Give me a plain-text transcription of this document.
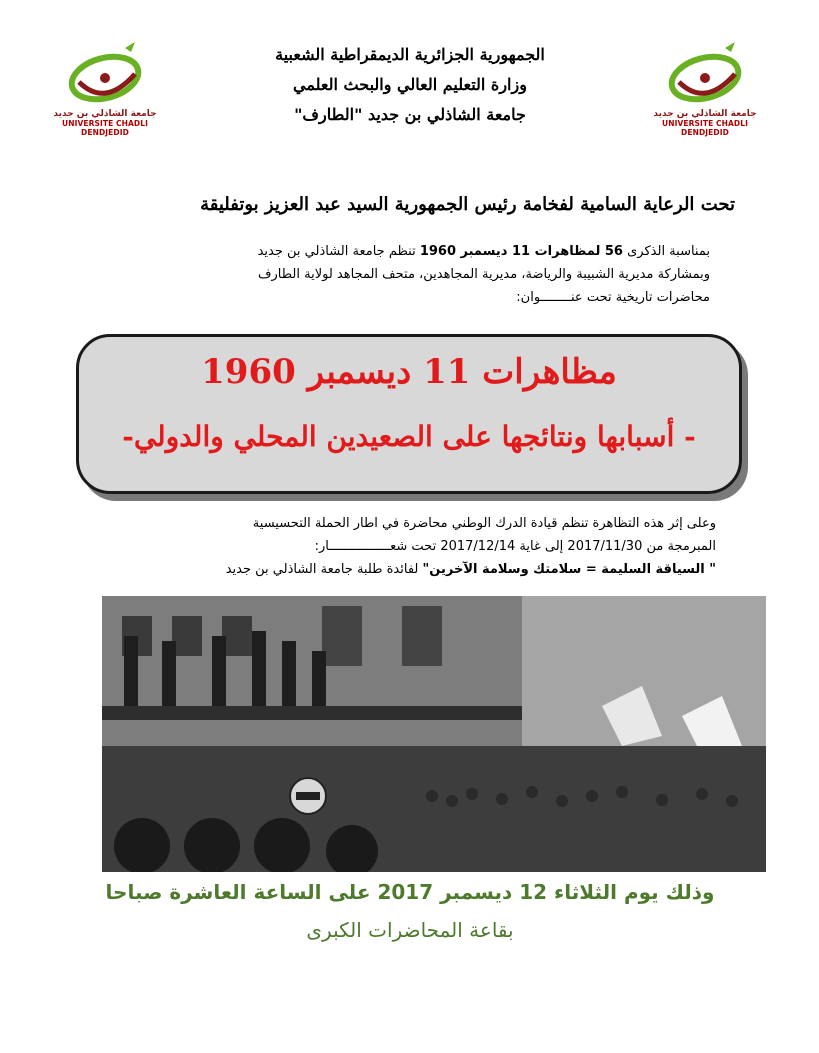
جامعة الشاذلي بن جديد
UNIVERSITE CHADLI DENDJEDID
جامعة الشاذلي بن جديد
UNIVERSITE CHADLI DENDJEDID
الجمهورية الجزائرية الديمقراطية الشعبية
وزارة التعليم العالي والبحث العلمي
جامعة الشاذلي بن جديد "الطارف"
تحت الرعاية السامية لفخامة رئيس الجمهورية السيد عبد العزيز بوتفليقة
بمناسبة الذكرى 56 لمظاهرات 11 ديسمبر 1960 تنظم جامعة الشاذلي بن جديد
وبمشاركة مديرية الشبيبة والرياضة، مديرية المجاهدين، متحف المجاهد لولاية الطارف
محاضرات تاريخية تحت عنــــــــوان:
مظاهرات 11 ديسمبر 1960
- أسبابها ونتائجها على الصعيدين المحلي والدولي-
وعلى إثر هذه التظاهرة تنظم قيادة الدرك الوطني محاضرة في اطار الحملة التحسيسية
المبرمجة من 2017/11/30 إلى غاية 2017/12/14 تحت شعــــــــــــــــار:
" السياقة السليمة = سلامتك وسلامة الآخرين" لفائدة طلبة جامعة الشاذلي بن جديد
وذلك يوم الثلاثاء 12 ديسمبر 2017 على الساعة العاشرة صباحا
بقاعة المحاضرات الكبرى
